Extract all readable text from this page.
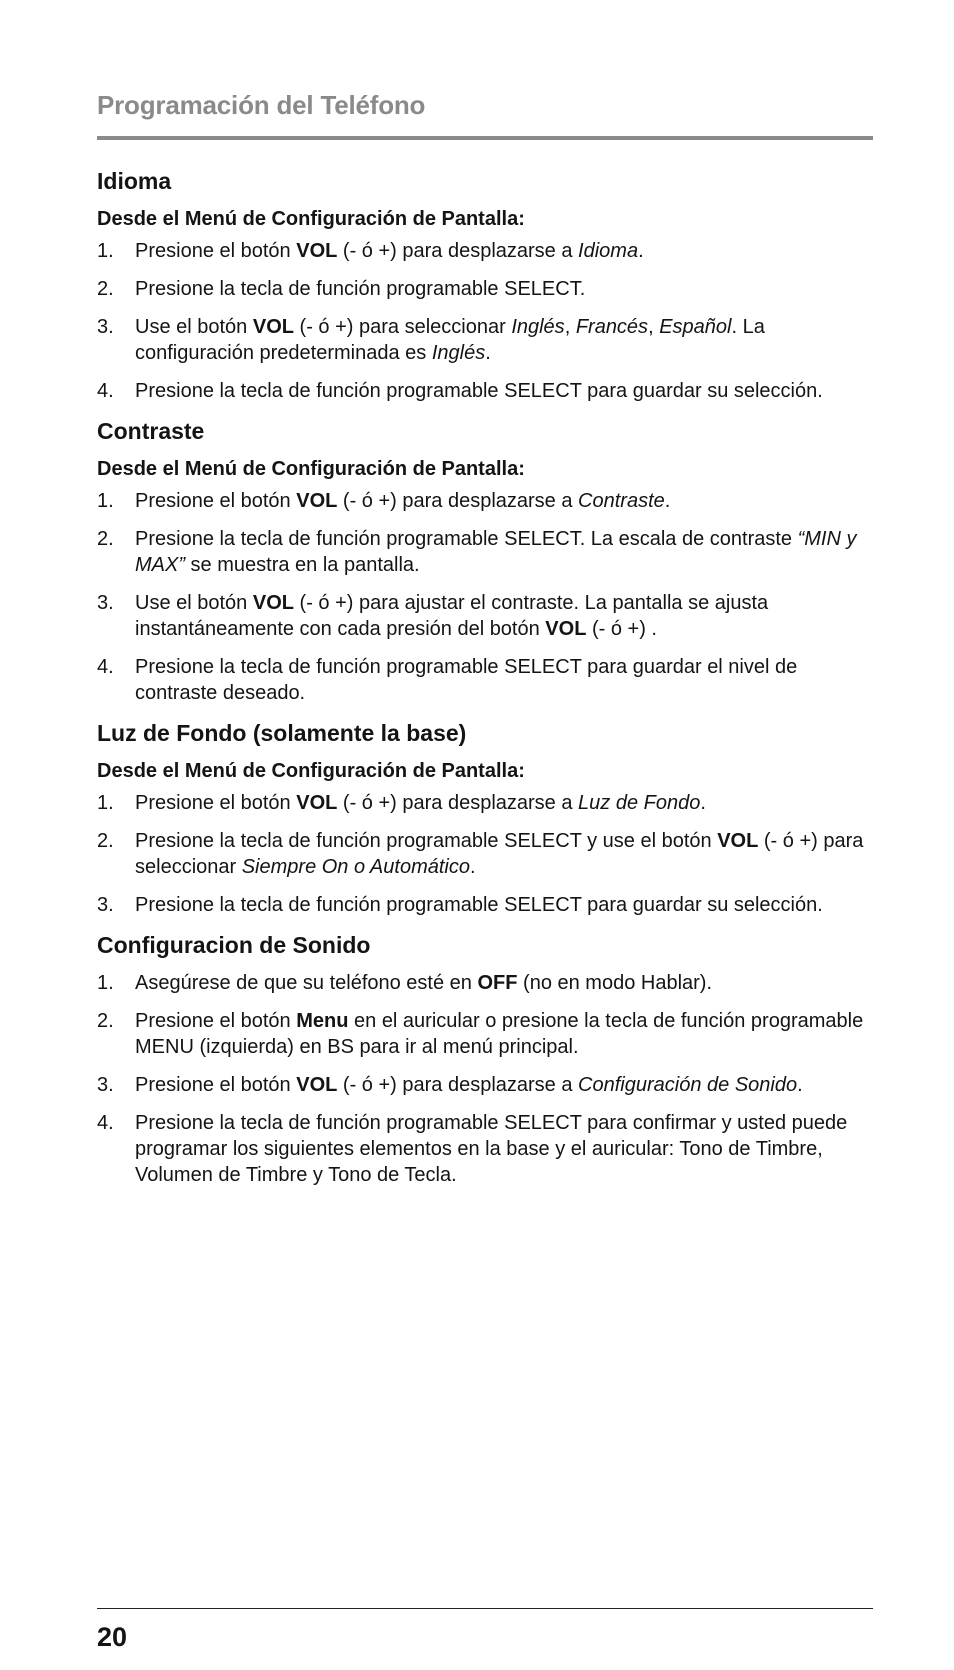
Programación del Teléfono
Idioma
Desde el Menú de Configuración de Pantalla:
1.	Presione el botón VOL (- ó +) para desplazarse a Idioma.
2.	Presione la tecla de función programable SELECT.
3.	Use el botón VOL (- ó +) para seleccionar Inglés, Francés, Español. La configuración predeterminada es Inglés.
4.	Presione la tecla de función programable SELECT para guardar su selección.
Contraste
Desde el Menú de Configuración de Pantalla:
1.	Presione el botón VOL (- ó +) para desplazarse a Contraste.
2.	Presione la tecla de función programable SELECT. La escala de contraste “MIN y MAX” se muestra en la pantalla.
3.	Use el botón VOL (- ó +) para ajustar el contraste. La pantalla se ajusta instantáneamente con cada presión del botón VOL (- ó +) .
4.	Presione la tecla de función programable SELECT para guardar el nivel de contraste deseado.
Luz de Fondo (solamente la base)
Desde el Menú de Configuración de Pantalla:
1.	Presione el botón VOL (- ó +) para desplazarse a Luz de Fondo.
2.	Presione la tecla de función programable SELECT y use el botón VOL (- ó +) para seleccionar Siempre On o Automático.
3.	Presione la tecla de función programable SELECT para guardar su selección.
Configuracion de Sonido
1.	Asegúrese de que su teléfono esté en OFF (no en modo Hablar).
2.	Presione el botón Menu en el auricular o presione la tecla de función programable MENU (izquierda) en BS para ir al menú principal.
3.	Presione el botón VOL (- ó +) para desplazarse a Configuración de Sonido.
4.	Presione la tecla de función programable SELECT para confirmar y usted puede programar los siguientes elementos en la base y el auricular: Tono de Timbre, Volumen de Timbre y Tono de Tecla.
20
